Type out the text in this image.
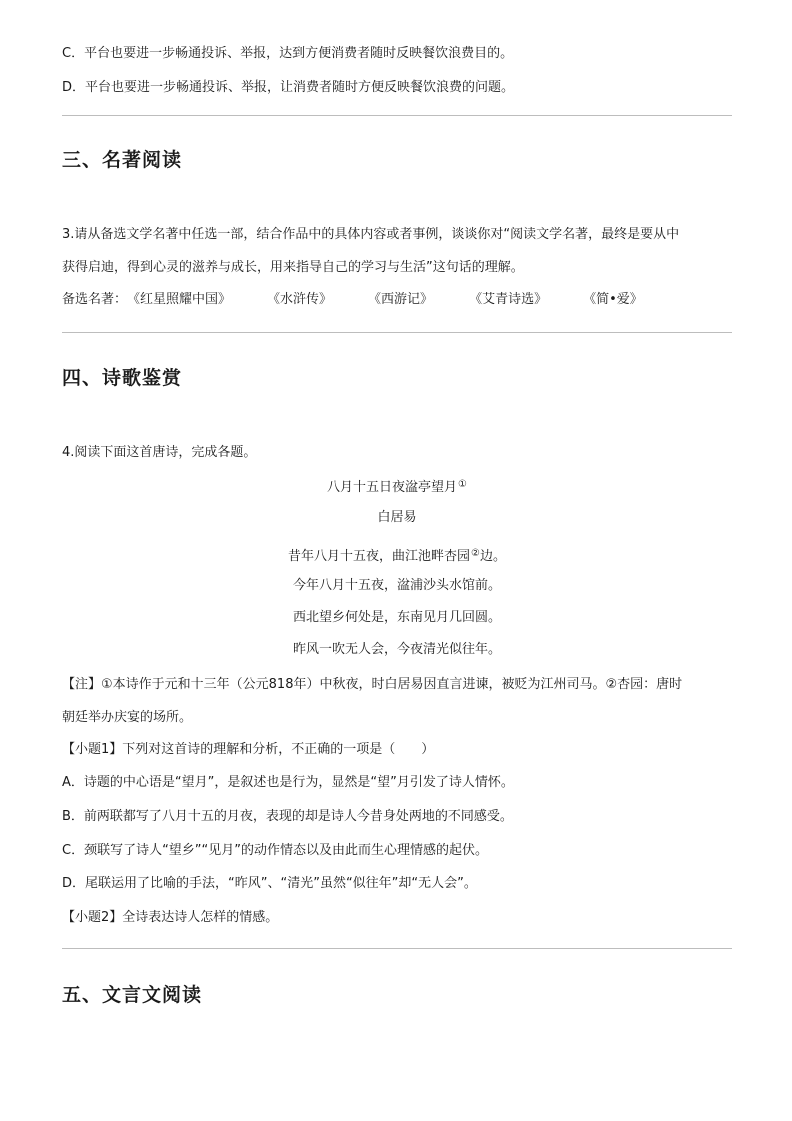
C．平台也要进一步畅通投诉、举报，达到方便消费者随时反映餐饮浪费目的。
D．平台也要进一步畅通投诉、举报，让消费者随时方便反映餐饮浪费的问题。
三、名著阅读
3.请从备选文学名著中任选一部，结合作品中的具体内容或者事例，谈谈你对“阅读文学名著，最终是要从中
获得启迪，得到心灵的滋养与成长，用来指导自己的学习与生活”这句话的理解。
备选名著：《红星照耀中国》	《水浒传》	《西游记》	《艾青诗选》	《简•爱》
四、诗歌鉴赏
4.阅读下面这首唐诗，完成各题。
八月十五日夜湓亭望月①
白居易
昔年八月十五夜，曲江池畔杏园②边。
今年八月十五夜，湓浦沙头水馆前。
西北望乡何处是，东南见月几回圆。
昨风一吹无人会，今夜清光似往年。
【注】①本诗作于元和十三年（公元818年）中秋夜，时白居易因直言进谏，被贬为江州司马。②杏园：唐时
朝廷举办庆宴的场所。
【小题1】下列对这首诗的理解和分析，不正确的一项是（　　）
A．诗题的中心语是“望月”，是叙述也是行为，显然是“望”月引发了诗人情怀。
B．前两联都写了八月十五的月夜，表现的却是诗人今昔身处两地的不同感受。
C．颈联写了诗人“望乡”“见月”的动作情态以及由此而生心理情感的起伏。
D．尾联运用了比喻的手法，“昨风”、“清光”虽然“似往年”却“无人会”。
【小题2】全诗表达诗人怎样的情感。
五、文言文阅读
